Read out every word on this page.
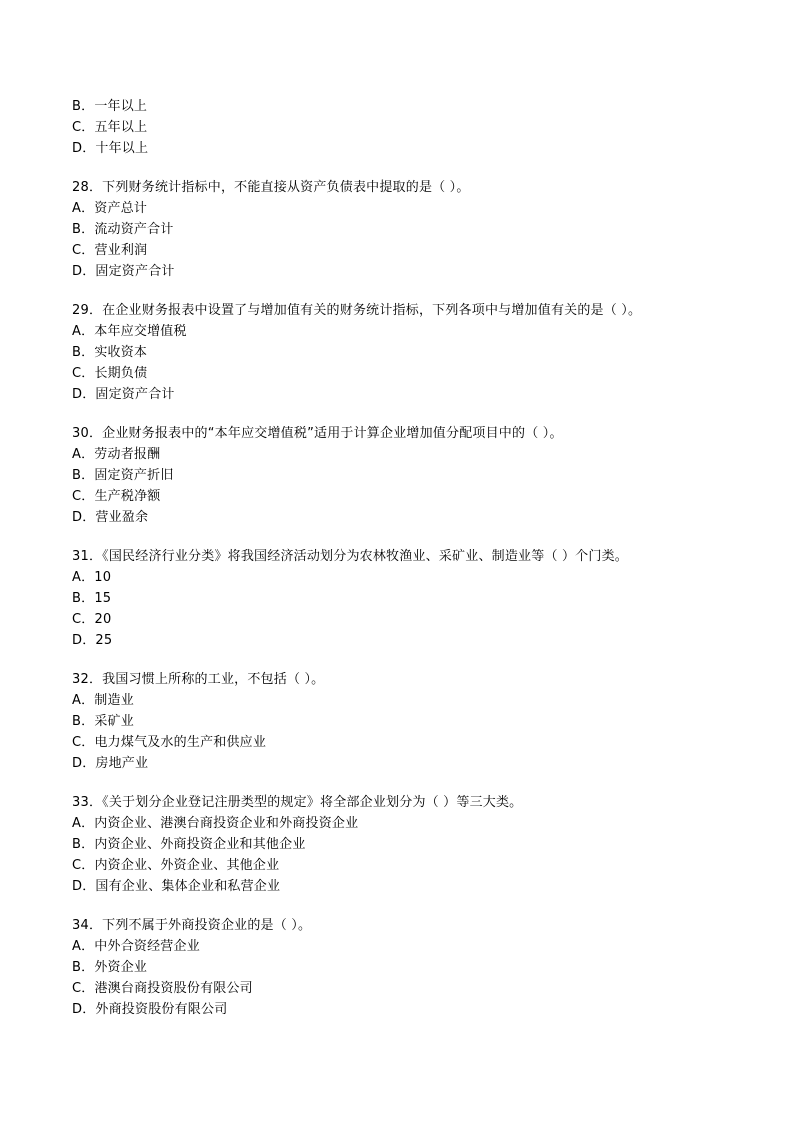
B．一年以上
C．五年以上
D．十年以上
28．下列财务统计指标中，不能直接从资产负债表中提取的是（ ）。
A．资产总计
B．流动资产合计
C．营业利润
D．固定资产合计
29．在企业财务报表中设置了与增加值有关的财务统计指标，下列各项中与增加值有关的是（ ）。
A．本年应交增值税
B．实收资本
C．长期负债
D．固定资产合计
30．企业财务报表中的“本年应交增值税”适用于计算企业增加值分配项目中的（ ）。
A．劳动者报酬
B．固定资产折旧
C．生产税净额
D．营业盈余
31．《国民经济行业分类》将我国经济活动划分为农林牧渔业、采矿业、制造业等（ ）个门类。
A．10
B．15
C．20
D．25
32．我国习惯上所称的工业，不包括（ ）。
A．制造业
B．采矿业
C．电力煤气及水的生产和供应业
D．房地产业
33．《关于划分企业登记注册类型的规定》将全部企业划分为（ ）等三大类。
A．内资企业、港澳台商投资企业和外商投资企业
B．内资企业、外商投资企业和其他企业
C．内资企业、外资企业、其他企业
D．国有企业、集体企业和私营企业
34．下列不属于外商投资企业的是（ ）。
A．中外合资经营企业
B．外资企业
C．港澳台商投资股份有限公司
D．外商投资股份有限公司
